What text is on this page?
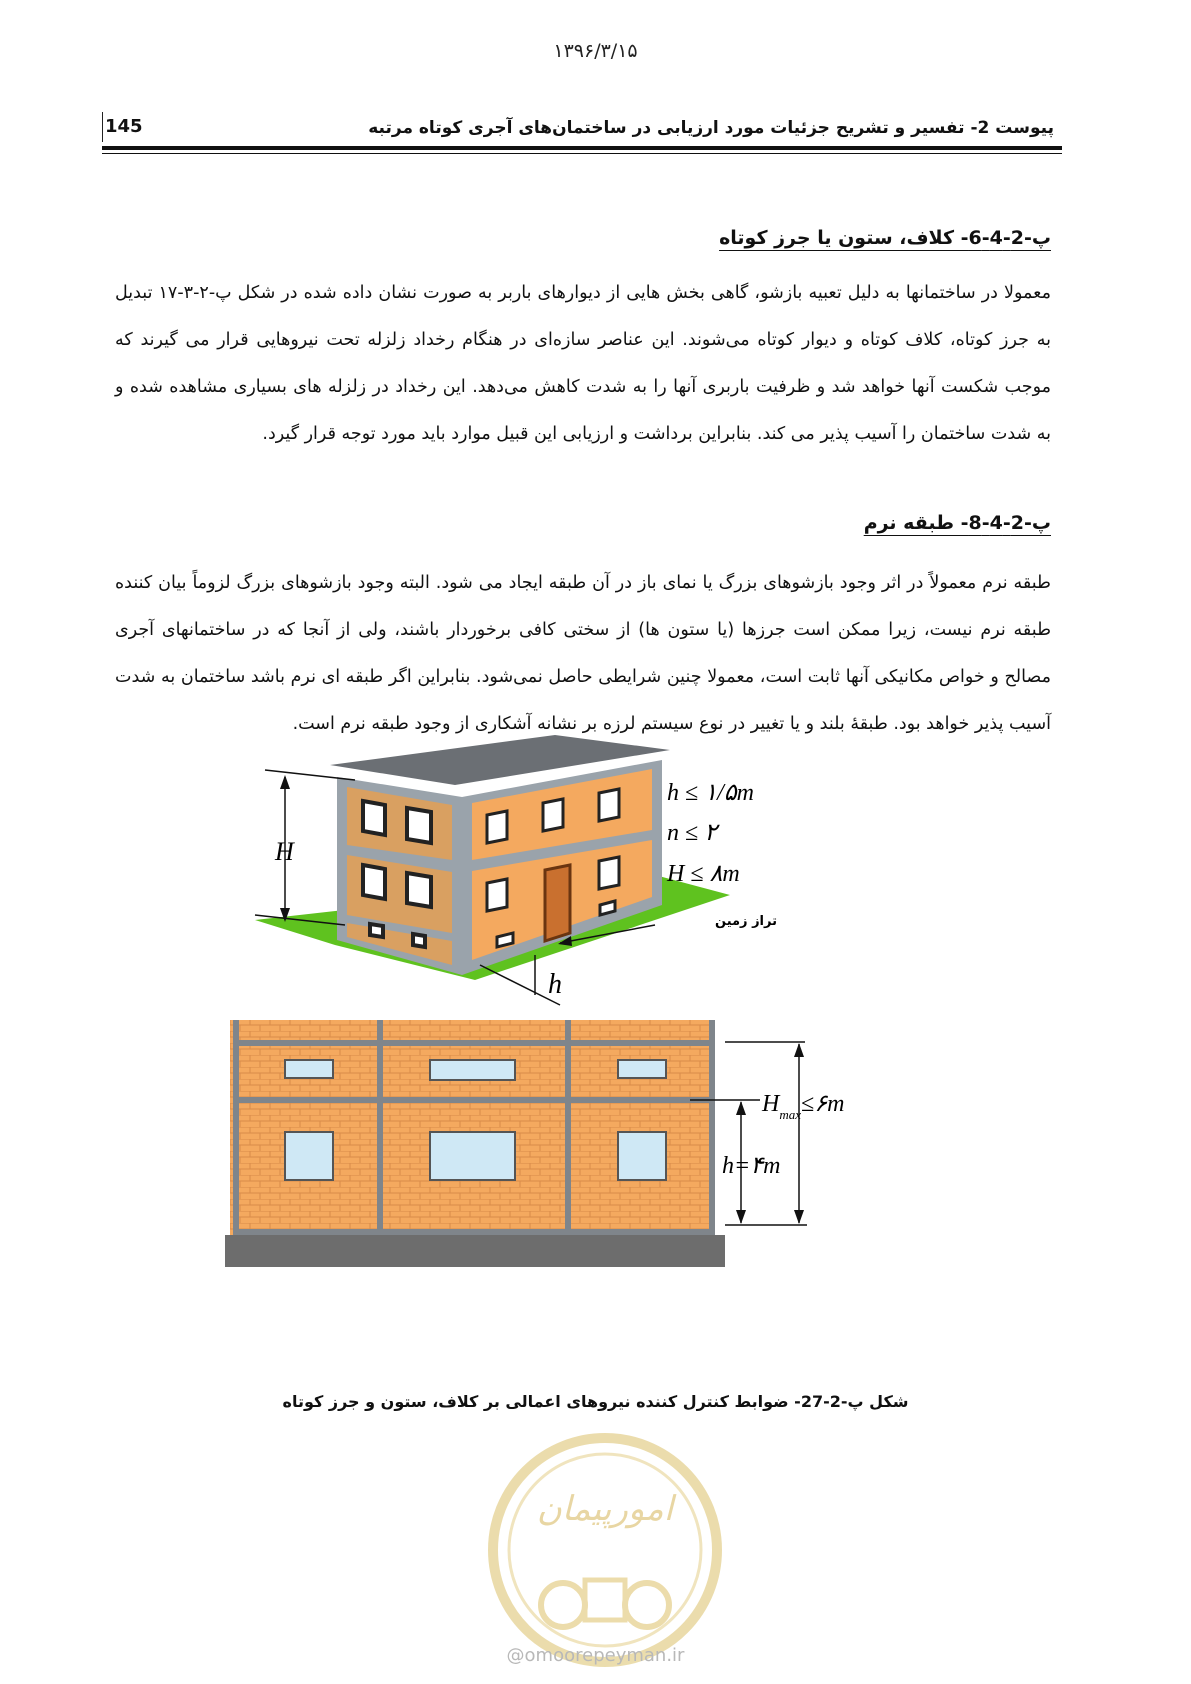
۱۳۹۶/۳/۱۵
145	پیوست 2- تفسیر و تشریح جزئیات مورد ارزیابی در ساختمان‌های آجری کوتاه مرتبه
پ-2-4-6- کلاف، ستون یا جرز کوتاه
معمولا در ساختمانها به دلیل تعبیه بازشو، گاهی بخش هایی از دیوارهای باربر به صورت نشان داده شده در شکل پ-۲-۳-۱۷ تبدیل به جرز کوتاه، کلاف کوتاه و دیوار کوتاه می‌شوند. این عناصر سازه‌ای در هنگام رخداد زلزله تحت نیروهایی قرار می گیرند که موجب شکست آنها خواهد شد و ظرفیت باربری آنها را به شدت کاهش می‌دهد. این رخداد در زلزله های بسیاری مشاهده شده و به شدت ساختمان را آسیب پذیر می کند. بنابراین برداشت و ارزیابی این قبیل موارد باید مورد توجه قرار گیرد.
پ-2-4-8- طبقه نرم
طبقه نرم معمولاً در اثر وجود بازشوهای بزرگ یا نمای باز در آن طبقه ایجاد می شود. البته وجود بازشوهای بزرگ لزوماً بیان کننده طبقه نرم نیست، زیرا ممکن است جرزها (یا ستون ها) از سختی کافی برخوردار باشند، ولی از آنجا که در ساختمانهای آجری مصالح و خواص مکانیکی آنها ثابت است، معمولا چنین شرایطی حاصل نمی‌شود. بنابراین اگر طبقه ای نرم باشد ساختمان به شدت آسیب پذیر خواهد بود. طبقهٔ بلند و یا تغییر در نوع سیستم لرزه بر نشانه آشکاری از وجود طبقه نرم است.
H
h
تراز زمین
h ≤ ۱/۵m
n ≤ ۲
H ≤ ۸m
$H_{max}\le ۶m$
h=۴m
شکل پ-2-27- ضوابط کنترل کننده نیروهای اعمالی بر کلاف، ستون و جرز کوتاه
امورپیمان
@omoorepeyman.ir
